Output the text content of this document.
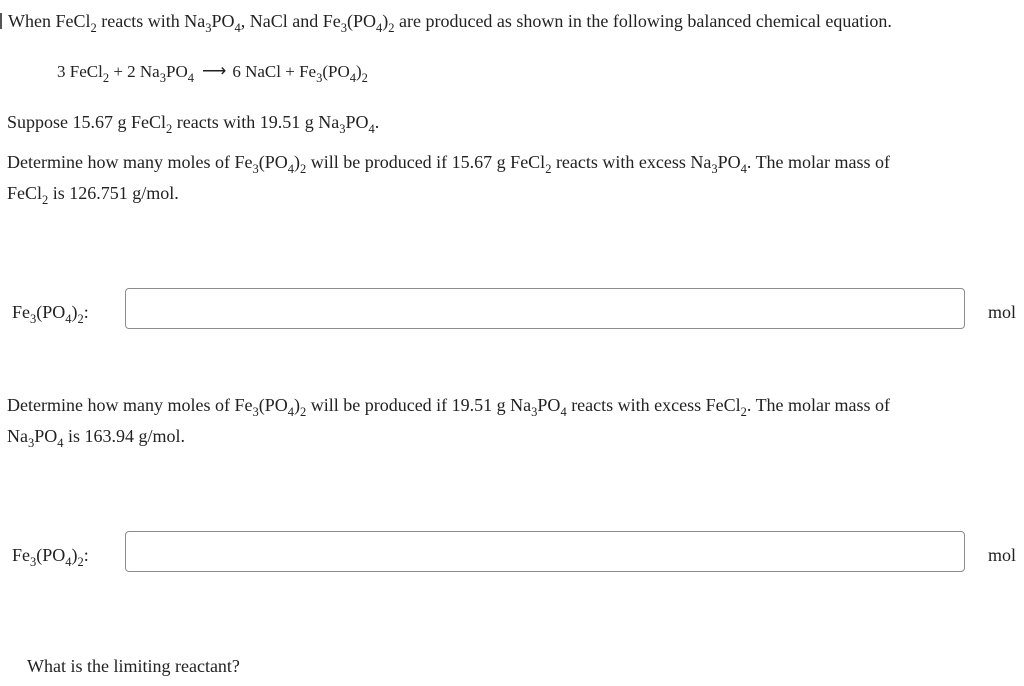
When FeCl$_2$ reacts with $Na_3PO_4$, NaCl and $Fe_3(PO_4)_2$ are produced as shown in the following balanced chemical equation.
3 FeCl$_2$ + 2 $Na_3PO_4$ ⟶ 6 NaCl + $Fe_3(PO_4)_2$
Suppose 15.67 g FeCl$_2$ reacts with 19.51 g $Na_3PO_4$.
Determine how many moles of $Fe_3(PO_4)_2$ will be produced if 15.67 g FeCl$_2$ reacts with excess $Na_3PO_4$. The molar mass of
FeCl$_2$ is 126.751 g/mol.
$Fe_3(PO_4)_2$:	mol
Determine how many moles of $Fe_3(PO_4)_2$ will be produced if 19.51 g $Na_3PO_4$ reacts with excess FeCl$_2$. The molar mass of
$Na_3PO_4$ is 163.94 g/mol.
$Fe_3(PO_4)_2$:	mol
What is the limiting reactant?
